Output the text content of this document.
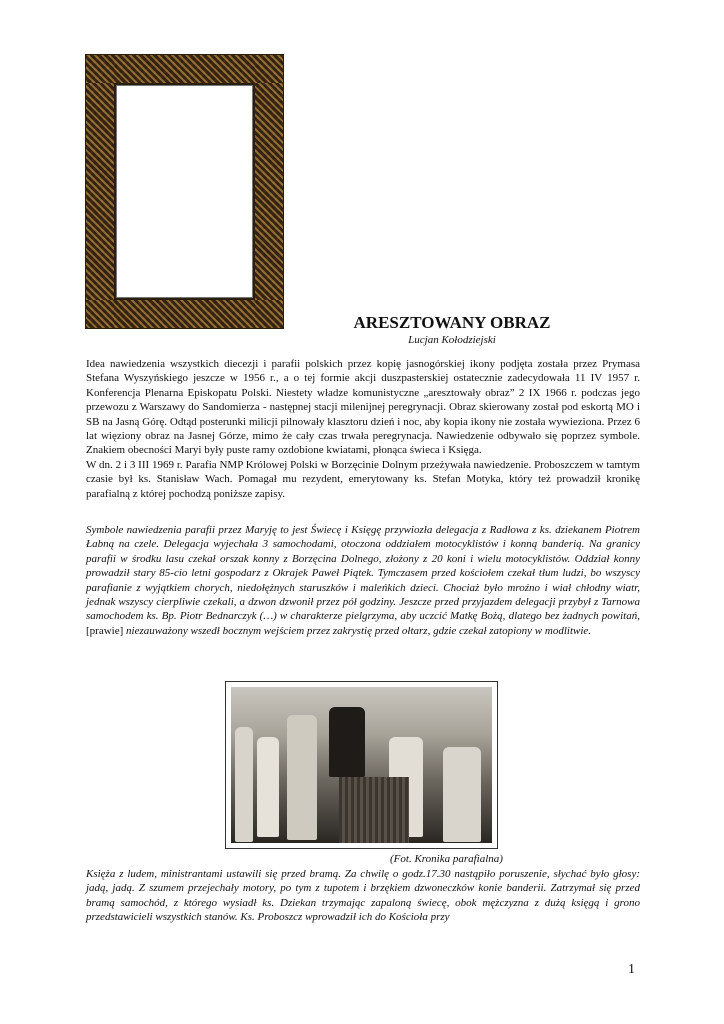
ARESZTOWANY OBRAZ
Lucjan Kołodziejski
Idea nawiedzenia wszystkich diecezji i parafii polskich przez kopię jasnogórskiej ikony podjęta została przez Prymasa Stefana Wyszyńskiego jeszcze w 1956 r., a o tej formie akcji duszpasterskiej ostatecznie zadecydowała 11 IV 1957 r. Konferencja Plenarna Episkopatu Polski. Niestety władze komunistyczne „aresztowały obraz” 2 IX 1966 r. podczas jego przewozu z Warszawy do Sandomierza - następnej stacji milenijnej peregrynacji. Obraz skierowany został pod eskortą MO i SB na Jasną Górę. Odtąd posterunki milicji pilnowały klasztoru dzień i noc, aby kopia ikony nie została wywieziona. Przez 6 lat więziony obraz na Jasnej Górze, mimo że cały czas trwała peregrynacja. Nawiedzenie odbywało się poprzez symbole. Znakiem obecności Maryi były puste ramy ozdobione kwiatami, płonąca świeca i Księga.
W dn. 2 i 3 III 1969 r. Parafia NMP Królowej Polski w Borzęcinie Dolnym przeżywała nawiedzenie. Proboszczem w tamtym czasie był ks. Stanisław Wach. Pomagał mu rezydent, emerytowany ks. Stefan Motyka, który też prowadził kronikę parafialną z której pochodzą poniższe zapisy.

Symbole nawiedzenia parafii przez Maryję to jest Świecę i Księgę przywiozła delegacja z Radłowa z ks. dziekanem Piotrem Łabną na czele. Delegacja wyjechała 3 samochodami, otoczona oddziałem motocyklistów i konną banderią. Na granicy parafii w środku lasu czekał orszak konny z Borzęcina Dolnego, złożony z 20 koni i wielu motocyklistów. Oddział konny prowadził stary 85-cio letni gospodarz z Okrajek Paweł Piątek. Tymczasem przed kościołem czekał tłum ludzi, bo wszyscy parafianie z wyjątkiem chorych, niedołężnych staruszków i maleńkich dzieci. Chociaż było mroźno i wiał chłodny wiatr, jednak wszyscy cierpliwie czekali, a dzwon dzwonił przez pół godziny. Jeszcze przed przyjazdem delegacji przybył z Tarnowa samochodem ks. Bp. Piotr Bednarczyk (…) w charakterze pielgrzyma, aby uczcić Matkę Bożą, dlatego bez żadnych powitań, [prawie] niezauważony wszedł bocznym wejściem przez zakrystię przed ołtarz, gdzie czekał zatopiony w modlitwie.

(Fot. Kronika parafialna)

Księża z ludem, ministrantami ustawili się przed bramą. Za chwilę o godz.17.30 nastąpiło poruszenie, słychać było głosy: jadą, jadą. Z szumem przejechały motory, po tym z tupotem i brzękiem dzwoneczków konie banderii. Zatrzymał się przed bramą samochód, z którego wysiadł ks. Dziekan trzymając zapaloną świecę, obok mężczyzna z dużą księgą i grono przedstawicieli wszystkich stanów. Ks. Proboszcz wprowadził ich do Kościoła przy

1
